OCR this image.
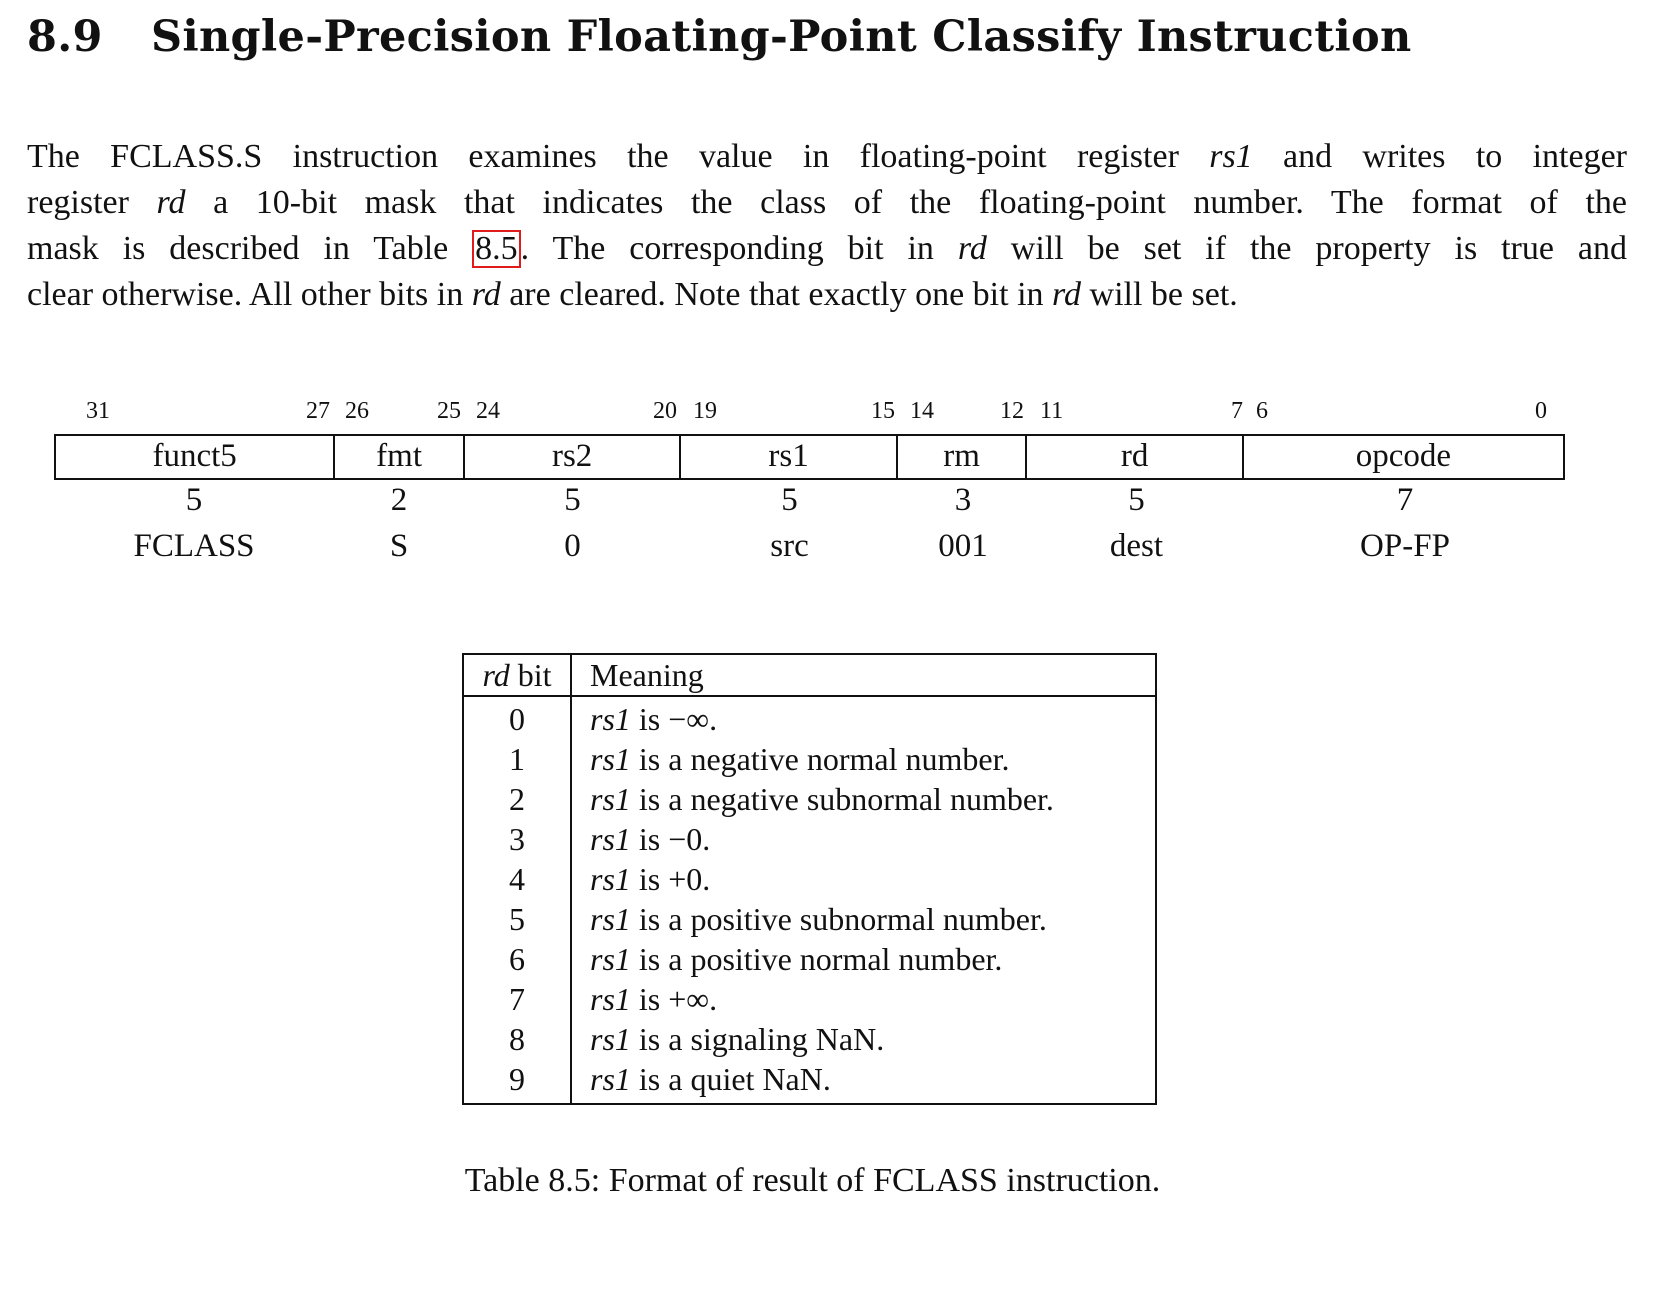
8.9 Single-Precision Floating-Point Classify Instruction

The FCLASS.S instruction examines the value in floating-point register rs1 and writes to integer
register rd a 10-bit mask that indicates the class of the floating-point number. The format of the
mask is described in Table 8.5. The corresponding bit in rd will be set if the property is true and
clear otherwise. All other bits in rd are cleared. Note that exactly one bit in rd will be set.

31	27 26	25 24	20 19	15 14	12 11	7 6	0
funct5	fmt	rs2	rs1	rm	rd	opcode
5	2	5	5	3	5	7
FCLASS	S	0	src	001	dest	OP-FP
rd bit	Meaning
0	rs1 is −∞.
1	rs1 is a negative normal number.
2	rs1 is a negative subnormal number.
3	rs1 is −0.
4	rs1 is +0.
5	rs1 is a positive subnormal number.
6	rs1 is a positive normal number.
7	rs1 is +∞.
8	rs1 is a signaling NaN.
9	rs1 is a quiet NaN.
Table 8.5: Format of result of FCLASS instruction.
